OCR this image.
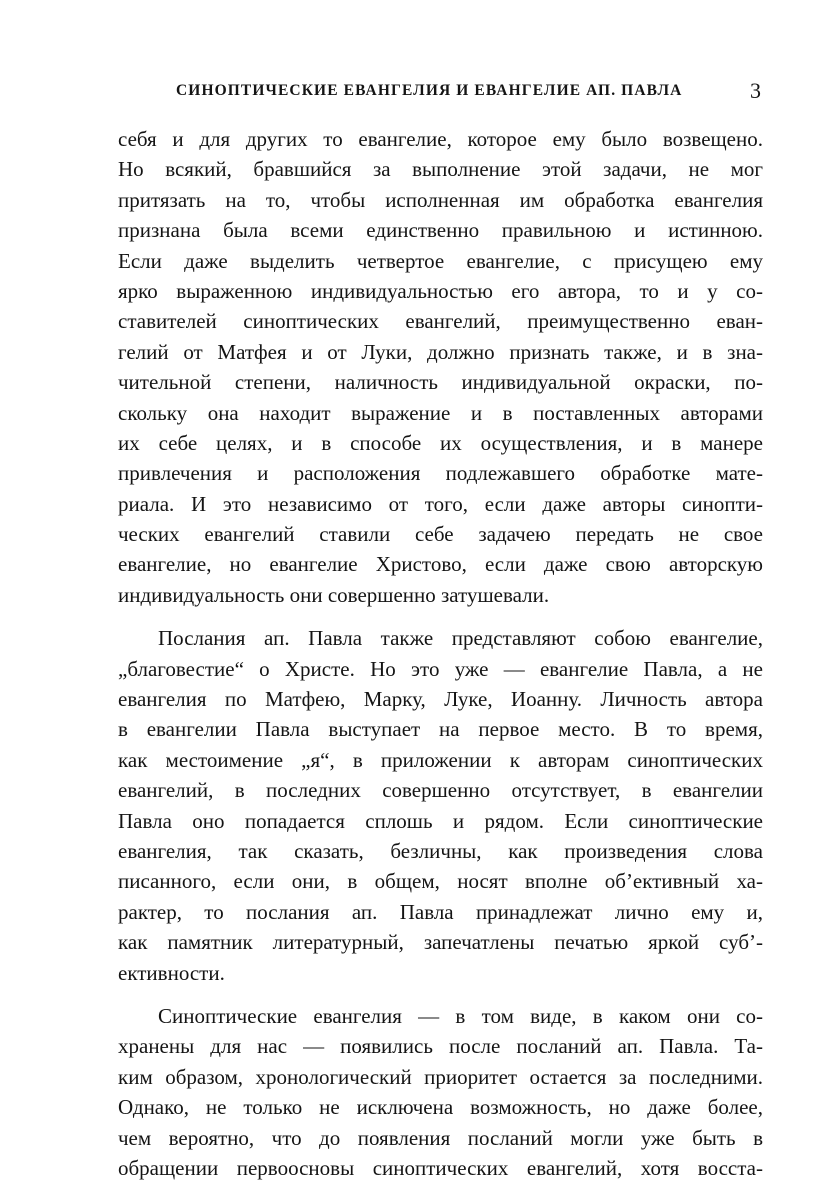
СИНОПТИЧЕСКИЕ ЕВАНГЕЛИЯ И ЕВАНГЕЛИЕ АП. ПАВЛА	3
себя и для других то евангелие, которое ему было возвещено.
Но всякий, бравшийся за выполнение этой задачи, не мог
притязать на то, чтобы исполненная им обработка евангелия
признана была всеми единственно правильною и истинною.
Если даже выделить четвертое евангелие, с присущею ему
ярко выраженною индивидуальностью его автора, то и у со-
ставителей синоптических евангелий, преимущественно еван-
гелий от Матфея и от Луки, должно признать также, и в зна-
чительной степени, наличность индивидуальной окраски, по-
скольку она находит выражение и в поставленных авторами
их себе целях, и в способе их осуществления, и в манере
привлечения и расположения подлежавшего обработке мате-
риала. И это независимо от того, если даже авторы синопти-
ческих евангелий ставили себе задачею передать не свое
евангелие, но евангелие Христово, если даже свою авторскую
индивидуальность они совершенно затушевали.
Послания ап. Павла также представляют собою евангелие,
„благовестие“ о Христе. Но это уже — евангелие Павла, а не
евангелия по Матфею, Марку, Луке, Иоанну. Личность автора
в евангелии Павла выступает на первое место. В то время,
как местоимение „я“, в приложении к авторам синоптических
евангелий, в последних совершенно отсутствует, в евангелии
Павла оно попадается сплошь и рядом. Если синоптические
евангелия, так сказать, безличны, как произведения слова
писанного, если они, в общем, носят вполне об’ективный ха-
рактер, то послания ап. Павла принадлежат лично ему и,
как памятник литературный, запечатлены печатью яркой суб’-
ективности.
Синоптические евангелия — в том виде, в каком они со-
хранены для нас — появились после посланий ап. Павла. Та-
ким образом, хронологический приоритет остается за последними.
Однако, не только не исключена возможность, но даже более,
чем вероятно, что до появления посланий могли уже быть в
обращении первоосновы синоптических евангелий, хотя восста-
